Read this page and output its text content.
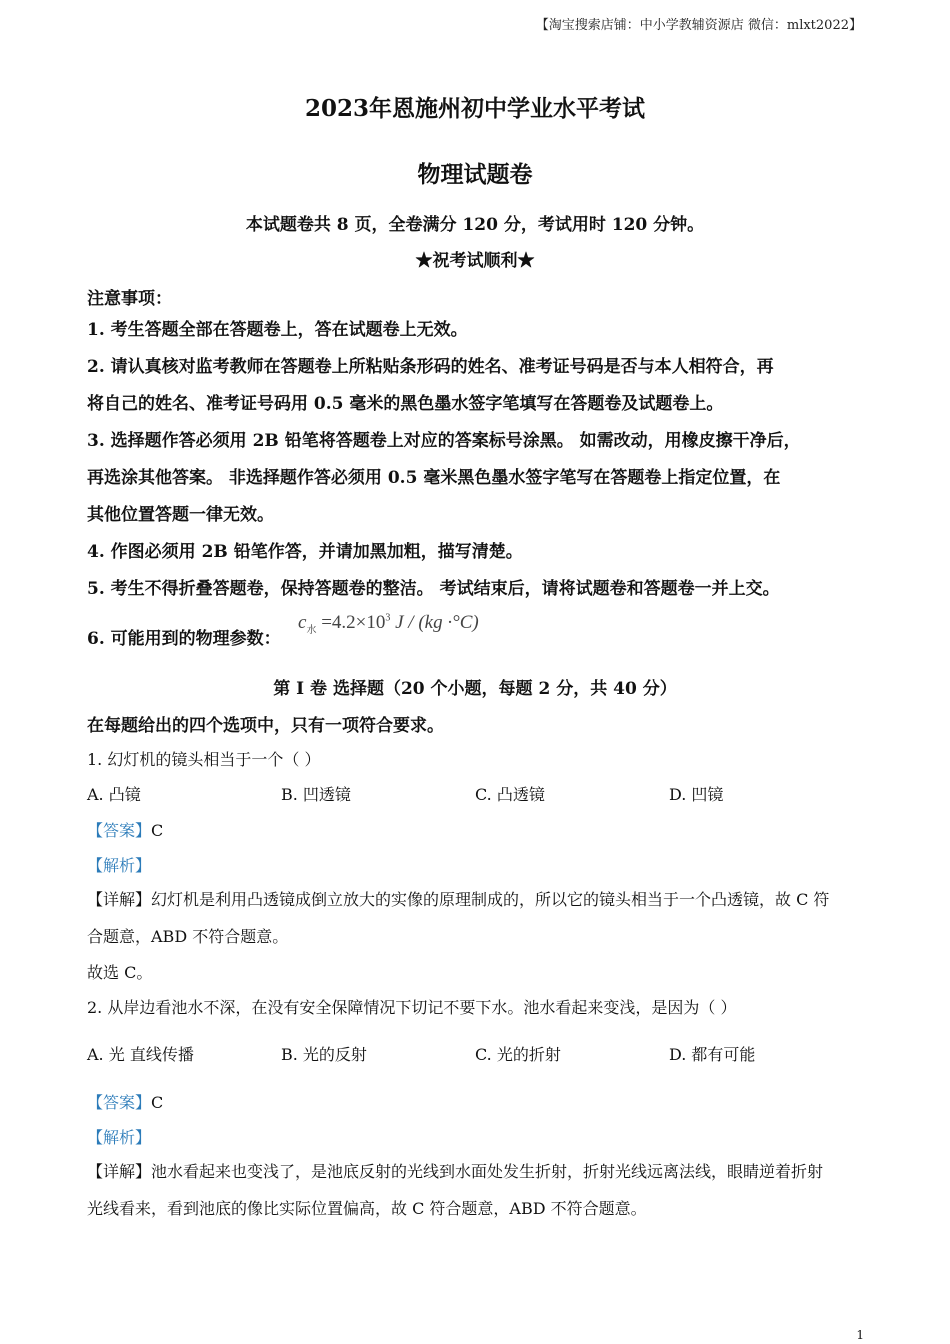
【淘宝搜索店铺：中小学教辅资源店 微信：mlxt2022】
2023年恩施州初中学业水平考试
物理试题卷
本试题卷共 8 页，全卷满分 120 分，考试用时 120 分钟。
★祝考试顺利★
注意事项：
1. 考生答题全部在答题卷上，答在试题卷上无效。
2. 请认真核对监考教师在答题卷上所粘贴条形码的姓名、准考证号码是否与本人相符合，再
将自己的姓名、准考证号码用 0.5 毫米的黑色墨水签字笔填写在答题卷及试题卷上。
3. 选择题作答必须用 2B 铅笔将答题卷上对应的答案标号涂黑。 如需改动，用橡皮擦干净后，
再选涂其他答案。 非选择题作答必须用 0.5 毫米黑色墨水签字笔写在答题卷上指定位置，在
其他位置答题一律无效。
4. 作图必须用 2B 铅笔作答，并请加黑加粗，描写清楚。
5. 考生不得折叠答题卷，保持答题卷的整洁。 考试结束后，请将试题卷和答题卷一并上交。
6. 可能用到的物理参数：
$c_水 =4.2\times 10^3$ J / (kg ·°C)
第 I 卷 选择题（20 个小题，每题 2 分，共 40 分）
在每题给出的四个选项中，只有一项符合要求。
1. 幻灯机的镜头相当于一个（ ）
A. 凸镜	B. 凹透镜	C. 凸透镜	D. 凹镜
【答案】C
【解析】
【详解】幻灯机是利用凸透镜成倒立放大的实像的原理制成的，所以它的镜头相当于一个凸透镜，故 C 符
合题意，ABD 不符合题意。
故选 C。
2. 从岸边看池水不深，在没有安全保障情况下切记不要下水。池水看起来变浅，是因为（ ）
A. 光 直线传播	B. 光的反射	C. 光的折射	D. 都有可能
【答案】C
【解析】
【详解】池水看起来也变浅了，是池底反射的光线到水面处发生折射，折射光线远离法线，眼睛逆着折射
光线看来，看到池底的像比实际位置偏高，故 C 符合题意，ABD 不符合题意。
1
